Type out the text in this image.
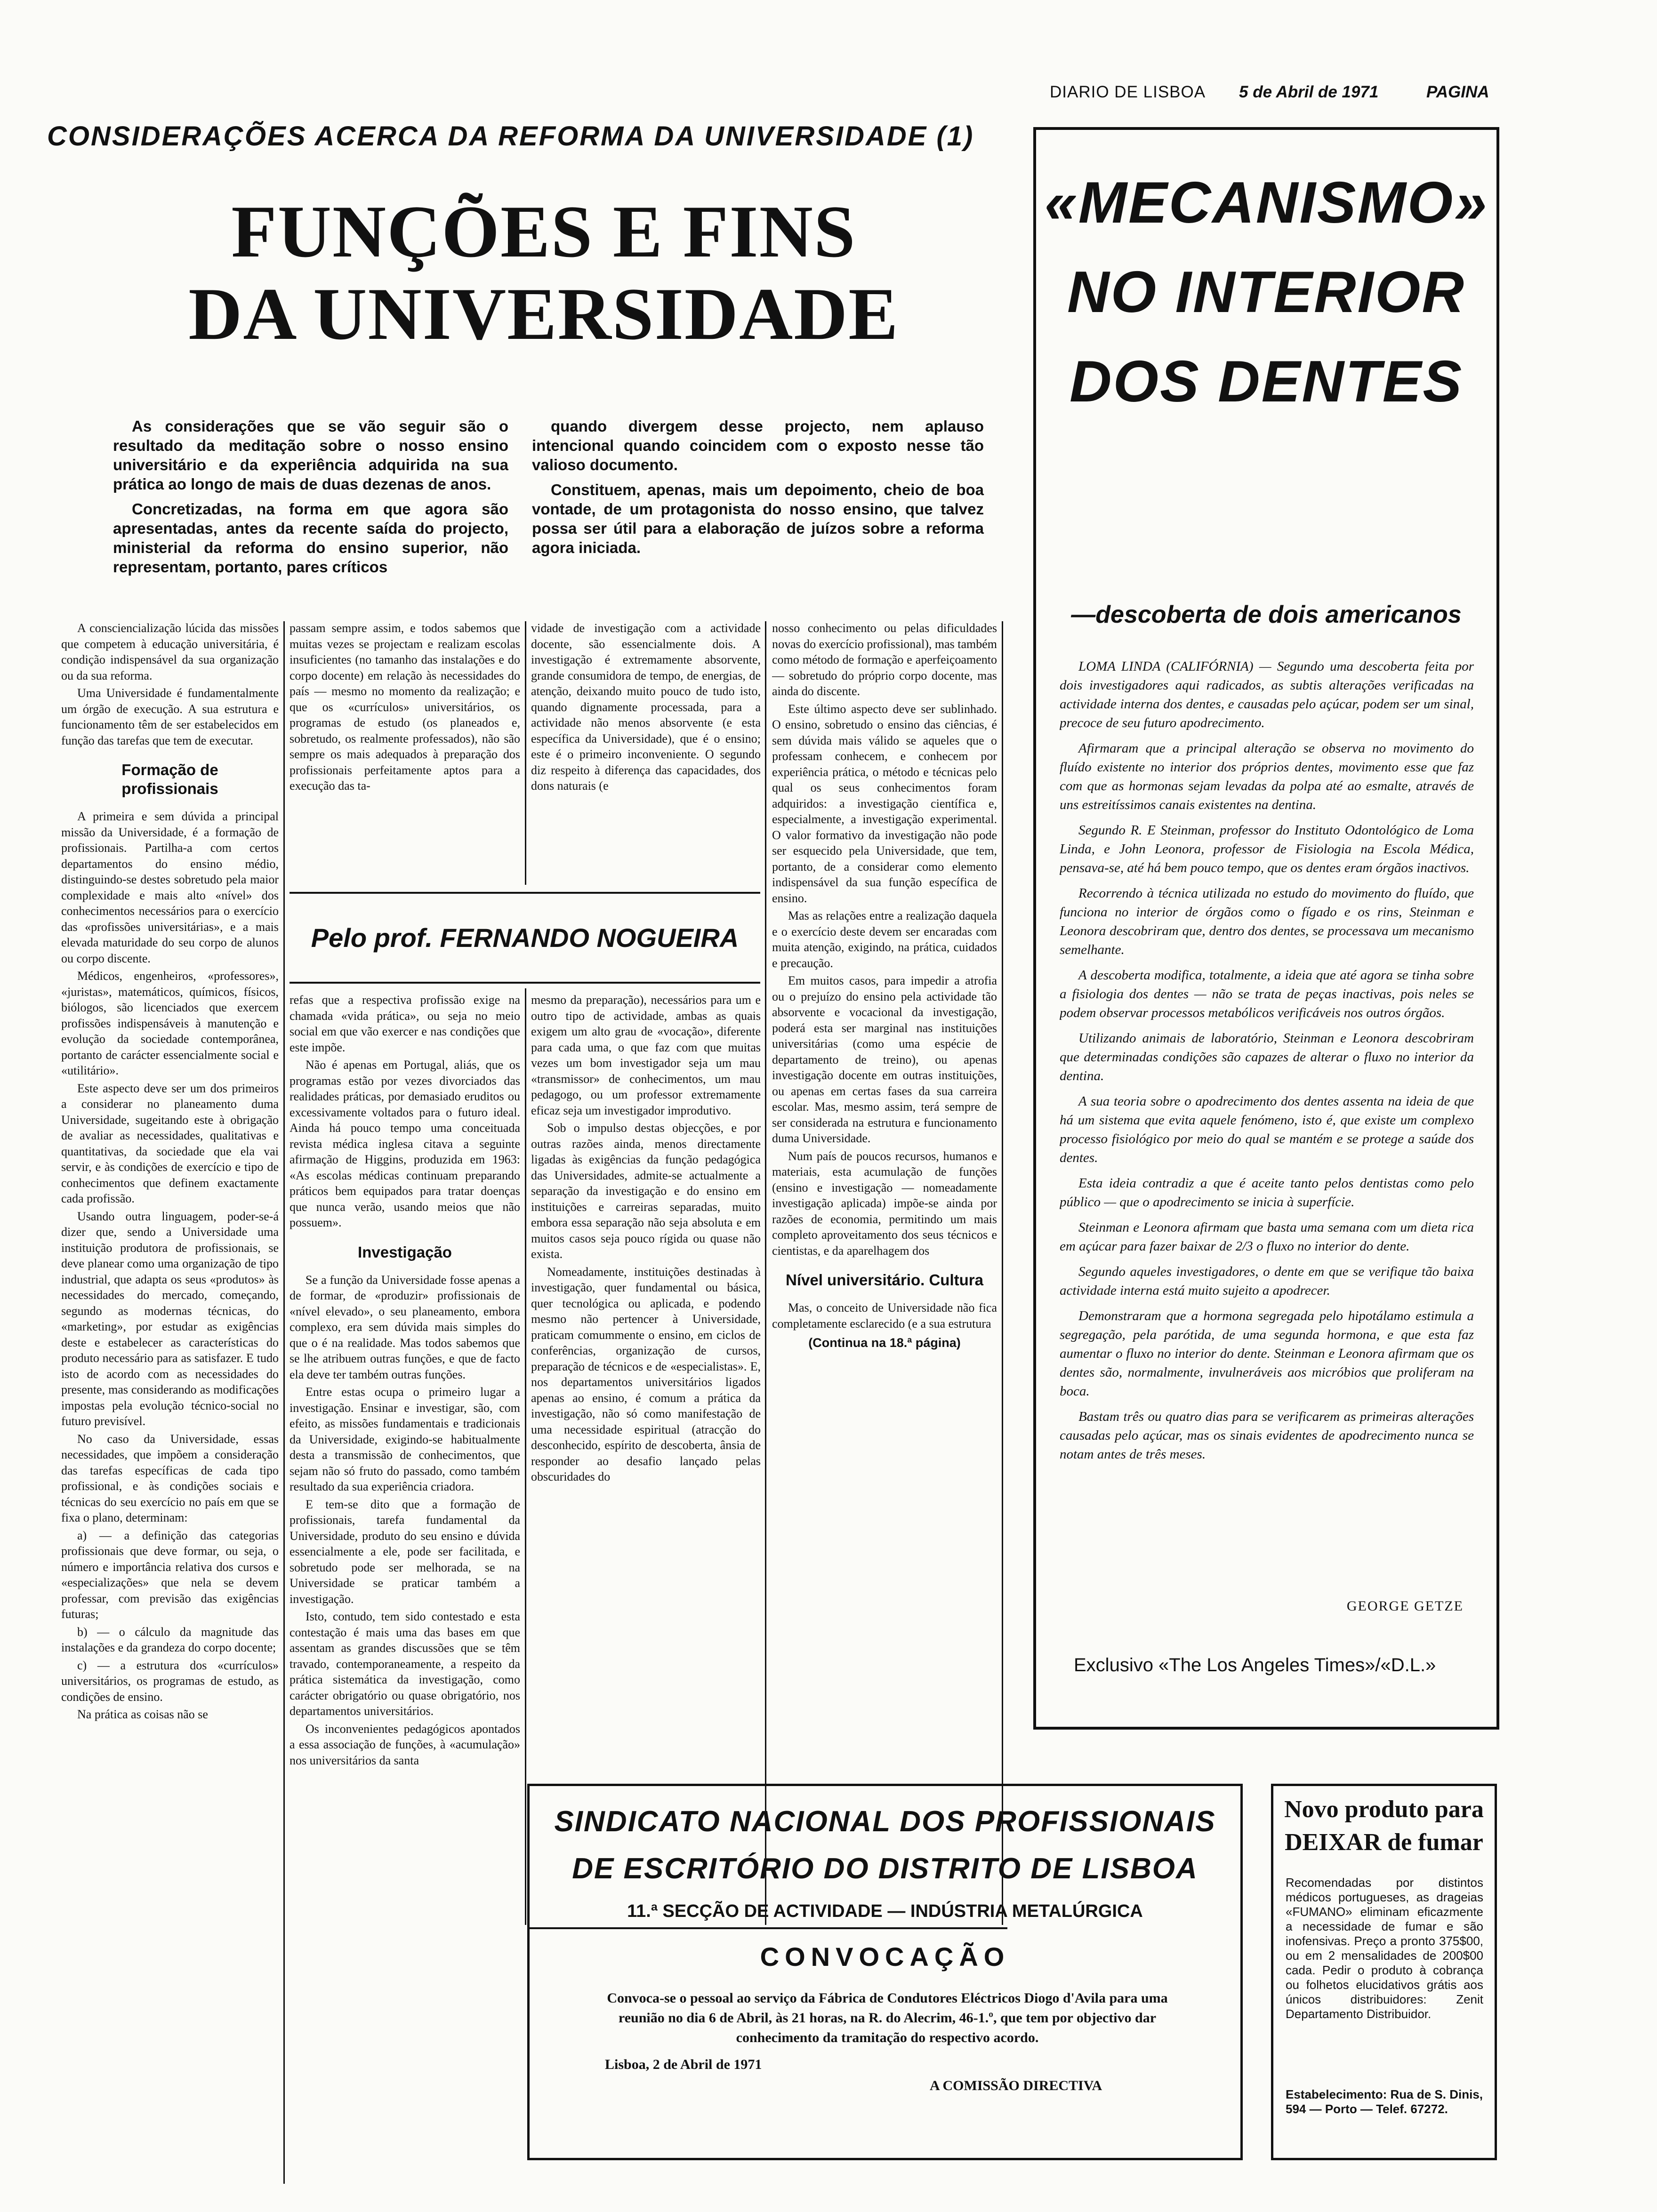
DIARIO DE LISBOA 5 de Abril de 1971	PAGINA
CONSIDERAÇÕES ACERCA DA REFORMA DA UNIVERSIDADE (1)
FUNÇÕES E FINS
DA UNIVERSIDADE

As considerações que se vão seguir são o resultado da meditação sobre o nosso ensino universitário e da experiência adquirida na sua prática ao longo de mais de duas dezenas de anos.

Concretizadas, na forma em que agora são apresentadas, antes da recente saída do projecto, ministerial da reforma do ensino superior, não representam, portanto, pares críticos

quando divergem desse projecto, nem aplauso intencional quando coincidem com o exposto nesse tão valioso documento.

Constituem, apenas, mais um depoimento, cheio de boa vontade, de um protagonista do nosso ensino, que talvez possa ser útil para a elaboração de juízos sobre a reforma agora iniciada.

A consciencialização lúcida das missões que competem à educação universitária, é condição indispensável da sua organização ou da sua reforma.

Uma Universidade é fundamentalmente um órgão de execução. A sua estrutura e funcionamento têm de ser estabelecidos em função das tarefas que tem de executar.

Formação de profissionais

A primeira e sem dúvida a principal missão da Universidade, é a formação de profissionais. Partilha-a com certos departamentos do ensino médio, distinguindo-se destes sobretudo pela maior complexidade e mais alto «nível» dos conhecimentos necessários para o exercício das «profissões universitárias», e a mais elevada maturidade do seu corpo de alunos ou corpo discente.

Médicos, engenheiros, «professores», «juristas», matemáticos, químicos, físicos, biólogos, são licenciados que exercem profissões indispensáveis à manutenção e evolução da sociedade contemporânea, portanto de carácter essencialmente social e «utilitário».

Este aspecto deve ser um dos primeiros a considerar no planeamento duma Universidade, sugeitando este à obrigação de avaliar as necessidades, qualitativas e quantitativas, da sociedade que ela vai servir, e às condições de exercício e tipo de conhecimentos que definem exactamente cada profissão.

Usando outra linguagem, poder-se-á dizer que, sendo a Universidade uma instituição produtora de profissionais, se deve planear como uma organização de tipo industrial, que adapta os seus «produtos» às necessidades do mercado, começando, segundo as modernas técnicas, do «marketing», por estudar as exigências deste e estabelecer as características do produto necessário para as satisfazer. E tudo isto de acordo com as necessidades do presente, mas considerando as modificações impostas pela evolução técnico-social no futuro previsível.

No caso da Universidade, essas necessidades, que impõem a consideração das tarefas específicas de cada tipo profissional, e às condições sociais e técnicas do seu exercício no país em que se fixa o plano, determinam:

a) — a definição das categorias profissionais que deve formar, ou seja, o número e importância relativa dos cursos e «especializações» que nela se devem professar, com previsão das exigências futuras;

b) — o cálculo da magnitude das instalações e da grandeza do corpo docente;

c) — a estrutura dos «currículos» universitários, os programas de estudo, as condições de ensino.

Na prática as coisas não se

passam sempre assim, e todos sabemos que muitas vezes se projectam e realizam escolas insuficientes (no tamanho das instalações e do corpo docente) em relação às necessidades do país — mesmo no momento da realização; e que os «currículos» universitários, os programas de estudo (os planeados e, sobretudo, os realmente professados), não são sempre os mais adequados à preparação dos profissionais perfeitamente aptos para a execução das ta-

vidade de investigação com a actividade docente, são essencialmente dois. A investigação é extremamente absorvente, grande consumidora de tempo, de energias, de atenção, deixando muito pouco de tudo isto, quando dignamente processada, para a actividade não menos absorvente (e esta específica da Universidade), que é o ensino; este é o primeiro inconveniente. O segundo diz respeito à diferença das capacidades, dos dons naturais (e

Pelo prof. FERNANDO NOGUEIRA

refas que a respectiva profissão exige na chamada «vida prática», ou seja no meio social em que vão exercer e nas condições que este impõe.

Não é apenas em Portugal, aliás, que os programas estão por vezes divorciados das realidades práticas, por demasiado eruditos ou excessivamente voltados para o futuro ideal. Ainda há pouco tempo uma conceituada revista médica inglesa citava a seguinte afirmação de Higgins, produzida em 1963: «As escolas médicas continuam preparando práticos bem equipados para tratar doenças que nunca verão, usando meios que não possuem».

Investigação

Se a função da Universidade fosse apenas a de formar, de «produzir» profissionais de «nível elevado», o seu planeamento, embora complexo, era sem dúvida mais simples do que o é na realidade. Mas todos sabemos que se lhe atribuem outras funções, e que de facto ela deve ter também outras funções.

Entre estas ocupa o primeiro lugar a investigação. Ensinar e investigar, são, com efeito, as missões fundamentais e tradicionais da Universidade, exigindo-se habitualmente desta a transmissão de conhecimentos, que sejam não só fruto do passado, como também resultado da sua experiência criadora.

E tem-se dito que a formação de profissionais, tarefa fundamental da Universidade, produto do seu ensino e dúvida essencialmente a ele, pode ser facilitada, e sobretudo pode ser melhorada, se na Universidade se praticar também a investigação.

Isto, contudo, tem sido contestado e esta contestação é mais uma das bases em que assentam as grandes discussões que se têm travado, contemporaneamente, a respeito da prática sistemática da investigação, como carácter obrigatório ou quase obrigatório, nos departamentos universitários.

Os inconvenientes pedagógicos apontados a essa associação de funções, à «acumulação» nos universitários da santa

mesmo da preparação), necessários para um e outro tipo de actividade, ambas as quais exigem um alto grau de «vocação», diferente para cada uma, o que faz com que muitas vezes um bom investigador seja um mau «transmissor» de conhecimentos, um mau pedagogo, ou um professor extremamente eficaz seja um investigador improdutivo.

Sob o impulso destas objecções, e por outras razões ainda, menos directamente ligadas às exigências da função pedagógica das Universidades, admite-se actualmente a separação da investigação e do ensino em instituições e carreiras separadas, muito embora essa separação não seja absoluta e em muitos casos seja pouco rígida ou quase não exista.

Nomeadamente, instituições destinadas à investigação, quer fundamental ou básica, quer tecnológica ou aplicada, e podendo mesmo não pertencer à Universidade, praticam comummente o ensino, em ciclos de conferências, organização de cursos, preparação de técnicos e de «especialistas». E, nos departamentos universitários ligados apenas ao ensino, é comum a prática da investigação, não só como manifestação de uma necessidade espiritual (atracção do desconhecido, espírito de descoberta, ânsia de responder ao desafio lançado pelas obscuridades do

nosso conhecimento ou pelas dificuldades novas do exercício profissional), mas também como método de formação e aperfeiçoamento — sobretudo do próprio corpo docente, mas ainda do discente.

Este último aspecto deve ser sublinhado. O ensino, sobretudo o ensino das ciências, é sem dúvida mais válido se aqueles que o professam conhecem, e conhecem por experiência prática, o método e técnicas pelo qual os seus conhecimentos foram adquiridos: a investigação científica e, especialmente, a investigação experimental. O valor formativo da investigação não pode ser esquecido pela Universidade, que tem, portanto, de a considerar como elemento indispensável da sua função específica de ensino.

Mas as relações entre a realização daquela e o exercício deste devem ser encaradas com muita atenção, exigindo, na prática, cuidados e precaução.

Em muitos casos, para impedir a atrofia ou o prejuízo do ensino pela actividade tão absorvente e vocacional da investigação, poderá esta ser marginal nas instituições universitárias (como uma espécie de departamento de treino), ou apenas investigação docente em outras instituições, ou apenas em certas fases da sua carreira escolar. Mas, mesmo assim, terá sempre de ser considerada na estrutura e funcionamento duma Universidade.

Num país de poucos recursos, humanos e materiais, esta acumulação de funções (ensino e investigação — nomeadamente investigação aplicada) impõe-se ainda por razões de economia, permitindo um mais completo aproveitamento dos seus técnicos e cientistas, e da aparelhagem dos

Nível universitário. Cultura

Mas, o conceito de Universidade não fica completamente esclarecido (e a sua estrutura

(Continua na 18.ª página)
«MECANISMO»
NO INTERIOR
DOS DENTES
—descoberta de dois americanos

LOMA LINDA (CALIFÓRNIA) — Segundo uma descoberta feita por dois investigadores aqui radicados, as subtis alterações verificadas na actividade interna dos dentes, e causadas pelo açúcar, podem ser um sinal, precoce de seu futuro apodrecimento.

Afirmaram que a principal alteração se observa no movimento do fluído existente no interior dos próprios dentes, movimento esse que faz com que as hormonas sejam levadas da polpa até ao esmalte, através de uns estreitíssimos canais existentes na dentina.

Segundo R. E Steinman, professor do Instituto Odontológico de Loma Linda, e John Leonora, professor de Fisiologia na Escola Médica, pensava-se, até há bem pouco tempo, que os dentes eram órgãos inactivos.

Recorrendo à técnica utilizada no estudo do movimento do fluído, que funciona no interior de órgãos como o fígado e os rins, Steinman e Leonora descobriram que, dentro dos dentes, se processava um mecanismo semelhante.

A descoberta modifica, totalmente, a ideia que até agora se tinha sobre a fisiologia dos dentes — não se trata de peças inactivas, pois neles se podem observar processos metabólicos verificáveis nos outros órgãos.

Utilizando animais de laboratório, Steinman e Leonora descobriram que determinadas condições são capazes de alterar o fluxo no interior da dentina.

A sua teoria sobre o apodrecimento dos dentes assenta na ideia de que há um sistema que evita aquele fenómeno, isto é, que existe um complexo processo fisiológico por meio do qual se mantém e se protege a saúde dos dentes.

Esta ideia contradiz a que é aceite tanto pelos dentistas como pelo público — que o apodrecimento se inicia à superfície.

Steinman e Leonora afirmam que basta uma semana com um dieta rica em açúcar para fazer baixar de 2/3 o fluxo no interior do dente.

Segundo aqueles investigadores, o dente em que se verifique tão baixa actividade interna está muito sujeito a apodrecer.

Demonstraram que a hormona segregada pelo hipotálamo estimula a segregação, pela parótida, de uma segunda hormona, e que esta faz aumentar o fluxo no interior do dente. Steinman e Leonora afirmam que os dentes são, normalmente, invulneráveis aos micróbios que proliferam na boca.

Bastam três ou quatro dias para se verificarem as primeiras alterações causadas pelo açúcar, mas os sinais evidentes de apodrecimento nunca se notam antes de três meses.

GEORGE GETZE
Exclusivo «The Los Angeles Times»/«D.L.»
SINDICATO NACIONAL DOS PROFISSIONAIS
DE ESCRITÓRIO DO DISTRITO DE LISBOA
11.ª SECÇÃO DE ACTIVIDADE — INDÚSTRIA METALÚRGICA
CONVOCAÇÃO
Convoca-se o pessoal ao serviço da Fábrica de Condutores Eléctricos Diogo d'Avila para uma reunião no dia 6 de Abril, às 21 horas, na R. do Alecrim, 46-1.º, que tem por objectivo dar conhecimento da tramitação do respectivo acordo.
Lisboa, 2 de Abril de 1971
A COMISSÃO DIRECTIVA
Novo produto para
DEIXAR de fumar
Recomendadas por distintos médicos portugueses, as drageias «FUMANO» eliminam eficazmente a necessidade de fumar e são inofensivas. Preço a pronto 375$00, ou em 2 mensalidades de 200$00 cada. Pedir o produto à cobrança ou folhetos elucidativos grátis aos únicos distribuidores: Zenit Departamento Distribuidor.
Estabelecimento: Rua de S. Dinis, 594 — Porto — Telef. 67272.
